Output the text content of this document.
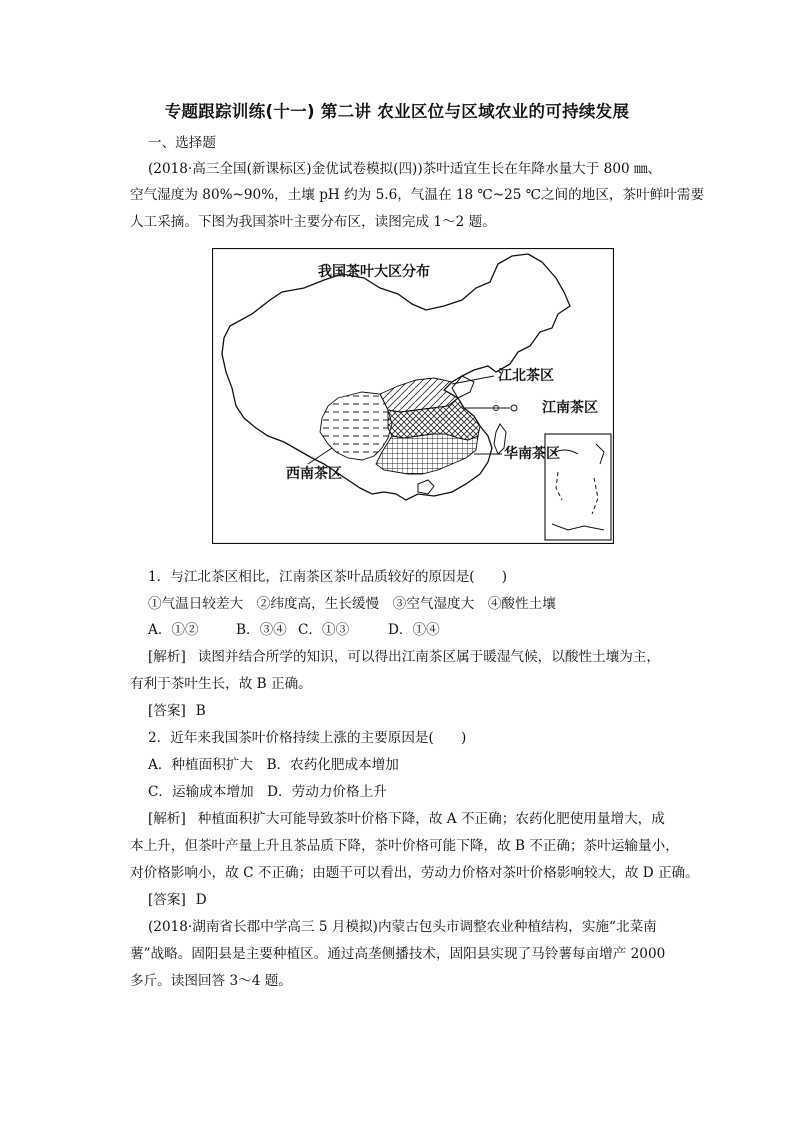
专题跟踪训练(十一) 第二讲 农业区位与区域农业的可持续发展
一、选择题
(2018·高三全国(新课标区)金优试卷模拟(四))茶叶适宜生长在年降水量大于 800 ㎜、
空气湿度为 80%~90%，土壤 pH 约为 5.6，气温在 18 ℃~25 ℃之间的地区，茶叶鲜叶需要
人工采摘。下图为我国茶叶主要分布区，读图完成 1～2 题。
我国茶叶大区分布
江北茶区
江南茶区
华南茶区
西南茶区
1．与江北茶区相比，江南茶区茶叶品质较好的原因是(　　)
①气温日较差大　②纬度高，生长缓慢　③空气湿度大　④酸性土壤
A．①②	B．③④ C．①③	D．①④
[解析] 读图并结合所学的知识，可以得出江南茶区属于暖湿气候，以酸性土壤为主，
有利于茶叶生长，故 B 正确。
[答案] B
2．近年来我国茶叶价格持续上涨的主要原因是(　　)
A．种植面积扩大　B．农药化肥成本增加
C．运输成本增加　D．劳动力价格上升
[解析] 种植面积扩大可能导致茶叶价格下降，故 A 不正确；农药化肥使用量增大，成
本上升，但茶叶产量上升且茶品质下降，茶叶价格可能下降，故 B 不正确；茶叶运输量小，
对价格影响小，故 C 不正确；由题干可以看出，劳动力价格对茶叶价格影响较大，故 D 正确。
[答案] D
(2018·湖南省长郡中学高三 5 月模拟)内蒙古包头市调整农业种植结构，实施“北菜南
薯”战略。固阳县是主要种植区。通过高垄侧播技术，固阳县实现了马铃薯每亩增产 2000
多斤。读图回答 3～4 题。
